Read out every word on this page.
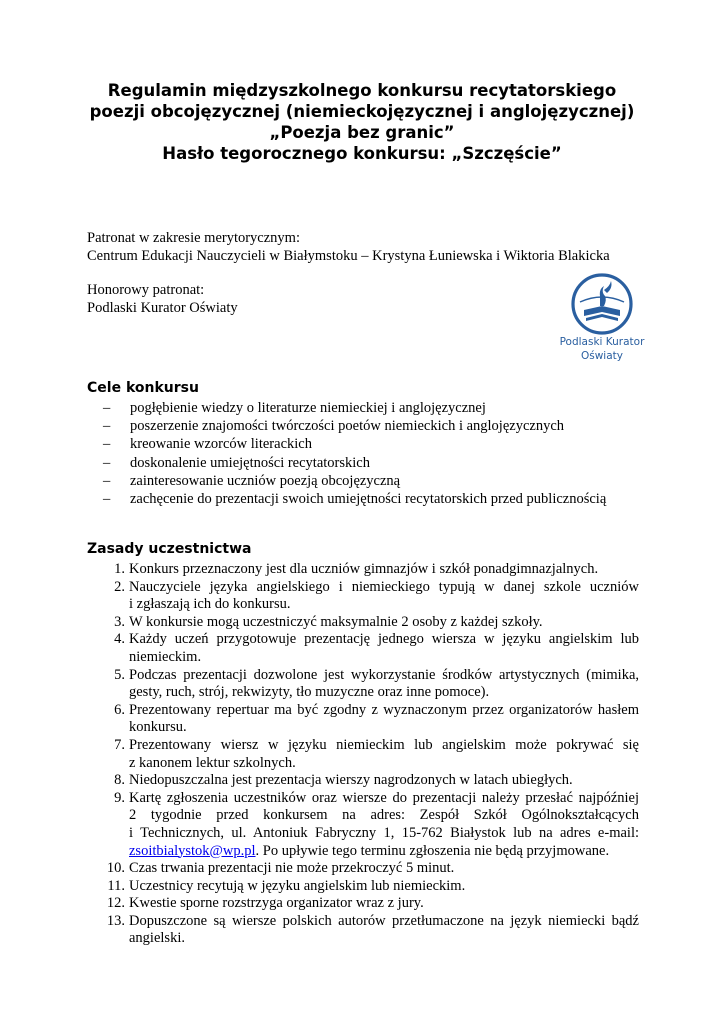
Regulamin międzyszkolnego konkursu recytatorskiego
poezji obcojęzycznej (niemieckojęzycznej i anglojęzycznej)
„Poezja bez granic”
Hasło tegorocznego konkursu: „Szczęście”
Patronat w zakresie merytorycznym:
Centrum Edukacji Nauczycieli w Białymstoku – Krystyna Łuniewska i Wiktoria Blakicka
Honorowy patronat:
Podlaski Kurator Oświaty
Podlaski Kurator
Oświaty
Cele konkursu
– pogłębienie wiedzy o literaturze niemieckiej i anglojęzycznej
– poszerzenie znajomości twórczości poetów niemieckich i anglojęzycznych
– kreowanie wzorców literackich
– doskonalenie umiejętności recytatorskich
– zainteresowanie uczniów poezją obcojęzyczną
– zachęcenie do prezentacji swoich umiejętności recytatorskich przed publicznością
Zasady uczestnictwa
1. Konkurs przeznaczony jest dla uczniów gimnazjów i szkół ponadgimnazjalnych.
2. Nauczyciele języka angielskiego i niemieckiego typują w danej szkole uczniów
i zgłaszają ich do konkursu.
3. W konkursie mogą uczestniczyć maksymalnie 2 osoby z każdej szkoły.
4. Każdy uczeń przygotowuje prezentację jednego wiersza w języku angielskim lub
niemieckim.
5. Podczas prezentacji dozwolone jest wykorzystanie środków artystycznych (mimika,
gesty, ruch, strój, rekwizyty, tło muzyczne oraz inne pomoce).
6. Prezentowany repertuar ma być zgodny z wyznaczonym przez organizatorów hasłem
konkursu.
7. Prezentowany wiersz w języku niemieckim lub angielskim może pokrywać się
z kanonem lektur szkolnych.
8. Niedopuszczalna jest prezentacja wierszy nagrodzonych w latach ubiegłych.
9. Kartę zgłoszenia uczestników oraz wiersze do prezentacji należy przesłać najpóźniej
2 tygodnie przed konkursem na adres: Zespół Szkół Ogólnokształcących
i Technicznych, ul. Antoniuk Fabryczny 1, 15-762 Białystok lub na adres e-mail:
zsoitbialystok@wp.pl. Po upływie tego terminu zgłoszenia nie będą przyjmowane.
10. Czas trwania prezentacji nie może przekroczyć 5 minut.
11. Uczestnicy recytują w języku angielskim lub niemieckim.
12. Kwestie sporne rozstrzyga organizator wraz z jury.
13. Dopuszczone są wiersze polskich autorów przetłumaczone na język niemiecki bądź
angielski.
